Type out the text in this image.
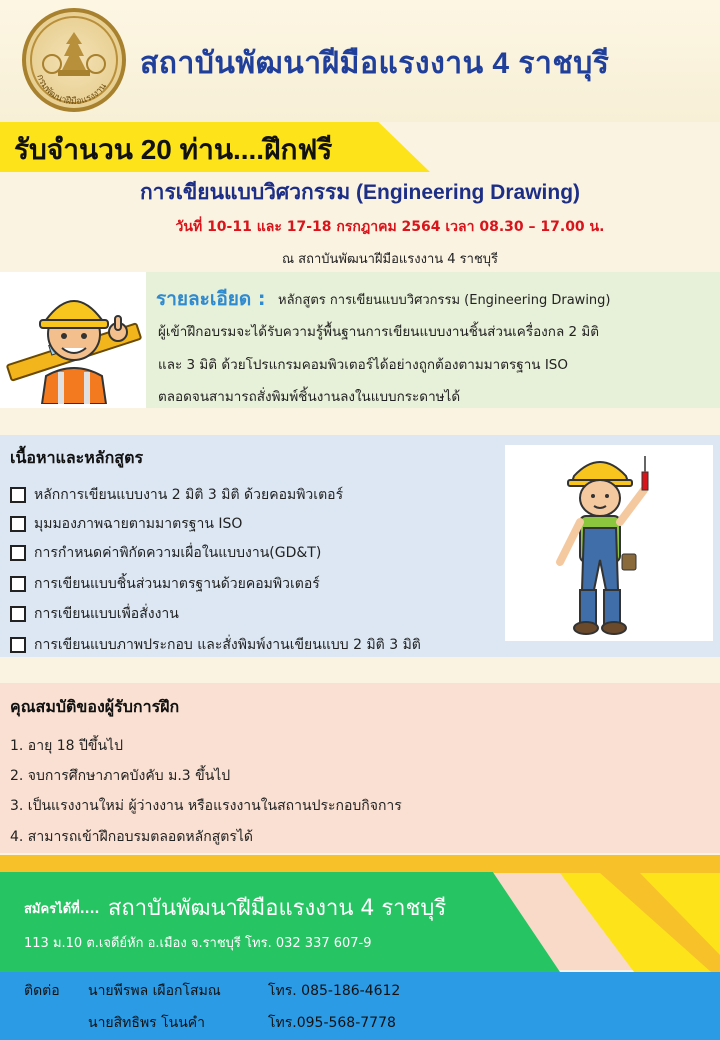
กรมพัฒนาฝีมือแรงงาน
สถาบันพัฒนาฝีมือแรงงาน 4 ราชบุรี
รับจำนวน 20 ท่าน....ฝึกฟรี
การเขียนแบบวิศวกรรม (Engineering Drawing)
วันที่ 10-11 และ 17-18 กรกฎาคม 2564 เวลา 08.30 – 17.00 น.
ณ สถาบันพัฒนาฝีมือแรงงาน 4 ราชบุรี
รายละเอียด : หลักสูตร การเขียนแบบวิศวกรรม (Engineering Drawing)
ผู้เข้าฝึกอบรมจะได้รับความรู้พื้นฐานการเขียนแบบงานชิ้นส่วนเครื่องกล 2 มิติ
และ 3 มิติ ด้วยโปรแกรมคอมพิวเตอร์ได้อย่างถูกต้องตามมาตรฐาน ISO
ตลอดจนสามารถสั่งพิมพ์ชิ้นงานลงในแบบกระดาษได้
เนื้อหาและหลักสูตร
หลักการเขียนแบบงาน 2 มิติ 3 มิติ ด้วยคอมพิวเตอร์
มุมมองภาพฉายตามมาตรฐาน ISO
การกำหนดค่าพิกัดความเผื่อในแบบงาน(GD&T)
การเขียนแบบชิ้นส่วนมาตรฐานด้วยคอมพิวเตอร์
การเขียนแบบเพื่อสั่งงาน
การเขียนแบบภาพประกอบ และสั่งพิมพ์งานเขียนแบบ 2 มิติ 3 มิติ
คุณสมบัติของผู้รับการฝึก
1. อายุ 18 ปีขึ้นไป
2. จบการศึกษาภาคบังคับ ม.3 ขึ้นไป
3. เป็นแรงงานใหม่ ผู้ว่างงาน หรือแรงงานในสถานประกอบกิจการ
4. สามารถเข้าฝึกอบรมตลอดหลักสูตรได้
สมัครได้ที่.... สถาบันพัฒนาฝีมือแรงงาน 4 ราชบุรี
113 ม.10 ต.เจดีย์หัก อ.เมือง จ.ราชบุรี โทร. 032 337 607-9
ติดต่อ นายพีรพล เผือกโสมณ	โทร. 085-186-4612
นายสิทธิพร โนนคำ	โทร.095-568-7778
